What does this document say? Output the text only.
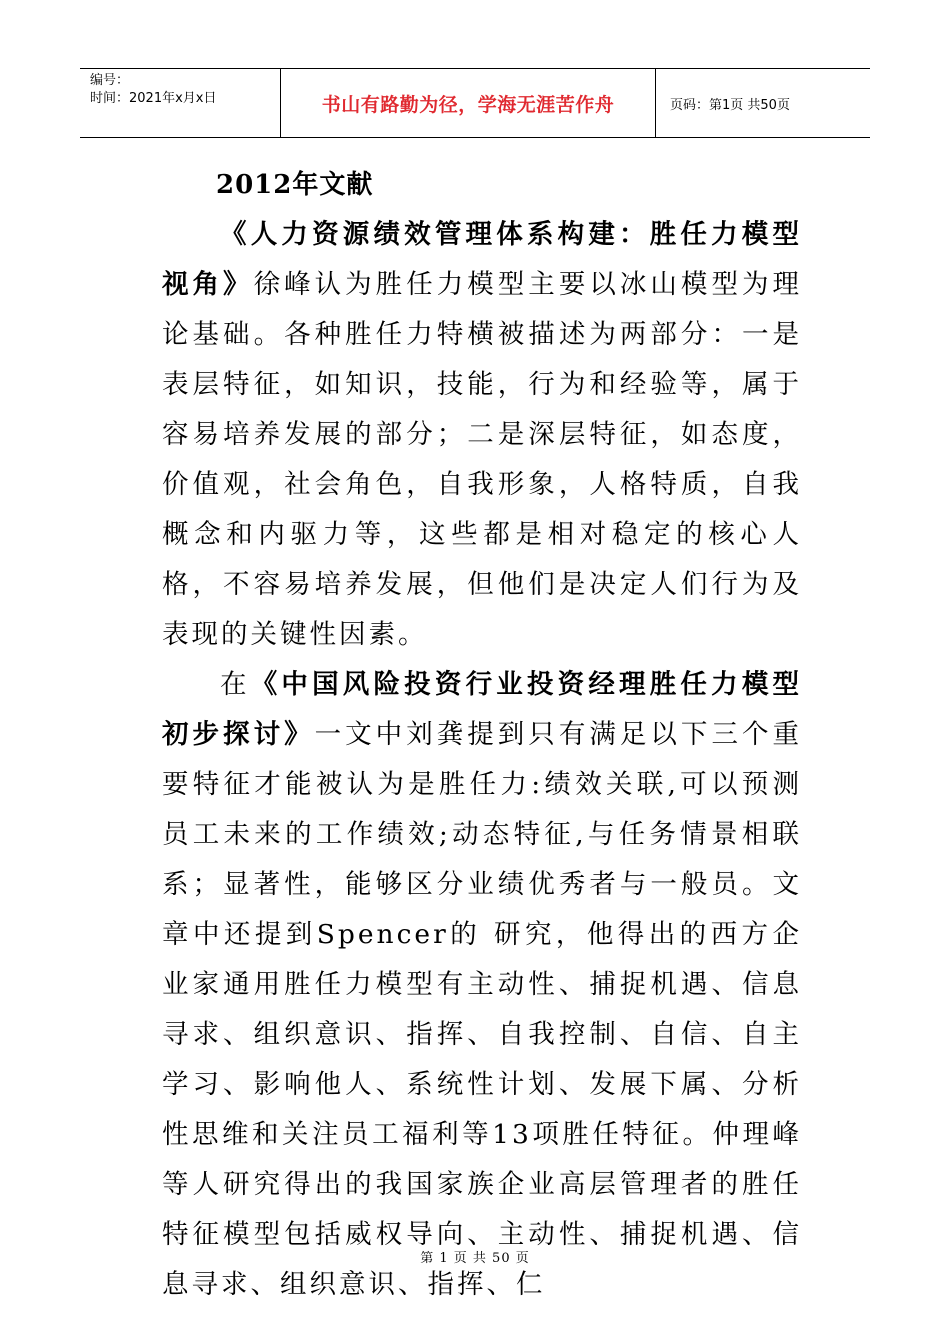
编号：
时间：2021年x月x日	书山有路勤为径，学海无涯苦作舟	页码：第1页 共50页
2012年文献

《人力资源绩效管理体系构建：胜任力模型视角》徐峰认为胜任力模型主要以冰山模型为理论基础。各种胜任力特横被描述为两部分：一是表层特征，如知识，技能，行为和经验等，属于容易培养发展的部分；二是深层特征，如态度，价值观，社会角色，自我形象，人格特质，自我概念和内驱力等，这些都是相对稳定的核心人格，不容易培养发展，但他们是决定人们行为及表现的关键性因素。

在《中国风险投资行业投资经理胜任力模型初步探讨》一文中刘龚提到只有满足以下三个重要特征才能被认为是胜任力:绩效关联,可以预测员工未来的工作绩效;动态特征,与任务情景相联系；显著性，能够区分业绩优秀者与一般员。文章中还提到Spencer的 研究，他得出的西方企业家通用胜任力模型有主动性、捕捉机遇、信息寻求、组织意识、指挥、自我控制、自信、自主学习、影响他人、系统性计划、发展下属、分析性思维和关注员工福利等13项胜任特征。仲理峰等人研究得出的我国家族企业高层管理者的胜任特征模型包括威权导向、主动性、捕捉机遇、信息寻求、组织意识、指挥、仁

第 1 页 共 50 页
